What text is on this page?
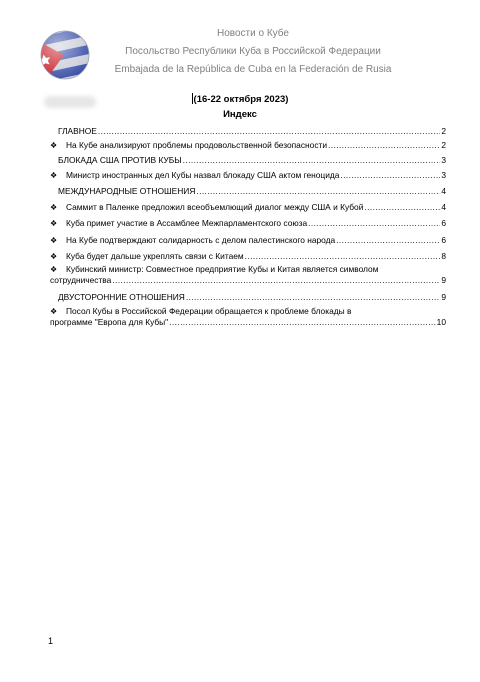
Новости о Кубе
Посольство Республики Куба в Российской Федерации
Embajada de la República de Cuba en la Federación de Rusia
(16-22 октября 2023)
Индекс
ГЛАВНОЕ .....	2
❖	На Кубе анализируют проблемы продовольственной безопасности .....	2
БЛОКАДА США ПРОТИВ КУБЫ .....	3
❖	Министр иностранных дел Кубы назвал блокаду США актом геноцида .....	3
МЕЖДУНАРОДНЫЕ ОТНОШЕНИЯ .....	4
❖	Саммит в Паленке предложил всеобъемлющий диалог между США и Кубой .....	4
❖	Куба примет участие в Ассамблее Межпарламентского союза .....	6
❖	На Кубе подтверждают солидарность с делом палестинского народа .....	6
❖	Куба будет дальше укреплять связи с Китаем .....	8
❖ Кубинский министр: Совместное предприятие Кубы и Китая является символом
сотрудничества .....	9
ДВУСТОРОННИЕ ОТНОШЕНИЯ .....	9
❖ Посол Кубы в Российской Федерации обращается к проблеме блокады в
программе "Европа для Кубы" .....	10
1
